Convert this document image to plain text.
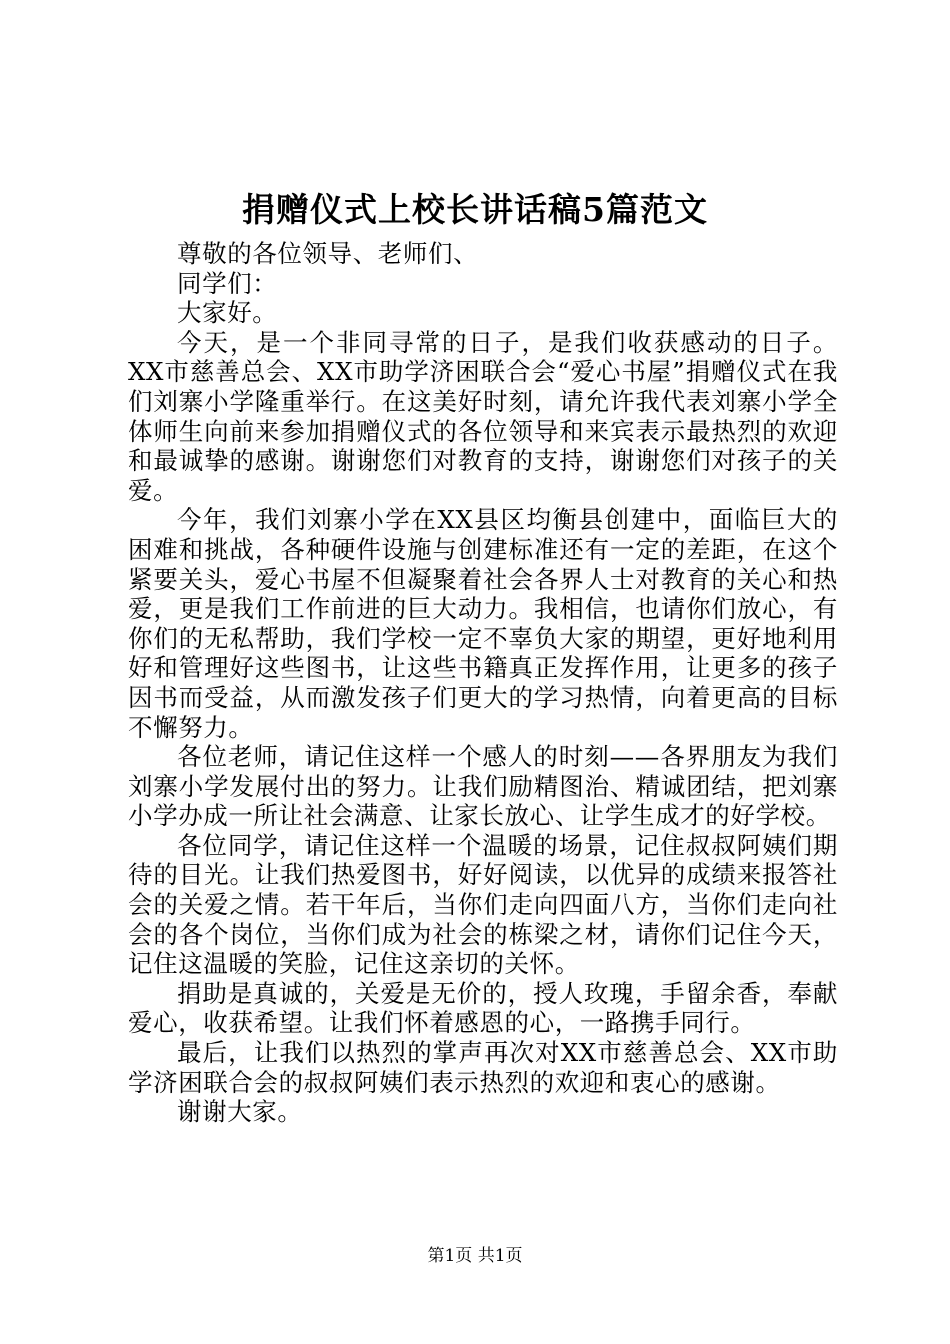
捐赠仪式上校长讲话稿5篇范文

尊敬的各位领导、老师们、

同学们：

大家好。

今天，是一个非同寻常的日子，是我们收获感动的日子。XX市慈善总会、XX市助学济困联合会“爱心书屋”捐赠仪式在我们刘寨小学隆重举行。在这美好时刻，请允许我代表刘寨小学全体师生向前来参加捐赠仪式的各位领导和来宾表示最热烈的欢迎和最诚挚的感谢。谢谢您们对教育的支持，谢谢您们对孩子的关爱。

今年，我们刘寨小学在XX县区均衡县创建中，面临巨大的困难和挑战，各种硬件设施与创建标准还有一定的差距，在这个紧要关头，爱心书屋不但凝聚着社会各界人士对教育的关心和热爱，更是我们工作前进的巨大动力。我相信，也请你们放心，有你们的无私帮助，我们学校一定不辜负大家的期望，更好地利用好和管理好这些图书，让这些书籍真正发挥作用，让更多的孩子因书而受益，从而激发孩子们更大的学习热情，向着更高的目标不懈努力。

各位老师，请记住这样一个感人的时刻——各界朋友为我们刘寨小学发展付出的努力。让我们励精图治、精诚团结，把刘寨小学办成一所让社会满意、让家长放心、让学生成才的好学校。

各位同学，请记住这样一个温暖的场景，记住叔叔阿姨们期待的目光。让我们热爱图书，好好阅读，以优异的成绩来报答社会的关爱之情。若干年后，当你们走向四面八方，当你们走向社会的各个岗位，当你们成为社会的栋梁之材，请你们记住今天，记住这温暖的笑脸，记住这亲切的关怀。

捐助是真诚的，关爱是无价的，授人玫瑰，手留余香，奉献爱心，收获希望。让我们怀着感恩的心，一路携手同行。

最后，让我们以热烈的掌声再次对XX市慈善总会、XX市助学济困联合会的叔叔阿姨们表示热烈的欢迎和衷心的感谢。

谢谢大家。

第1页 共1页
